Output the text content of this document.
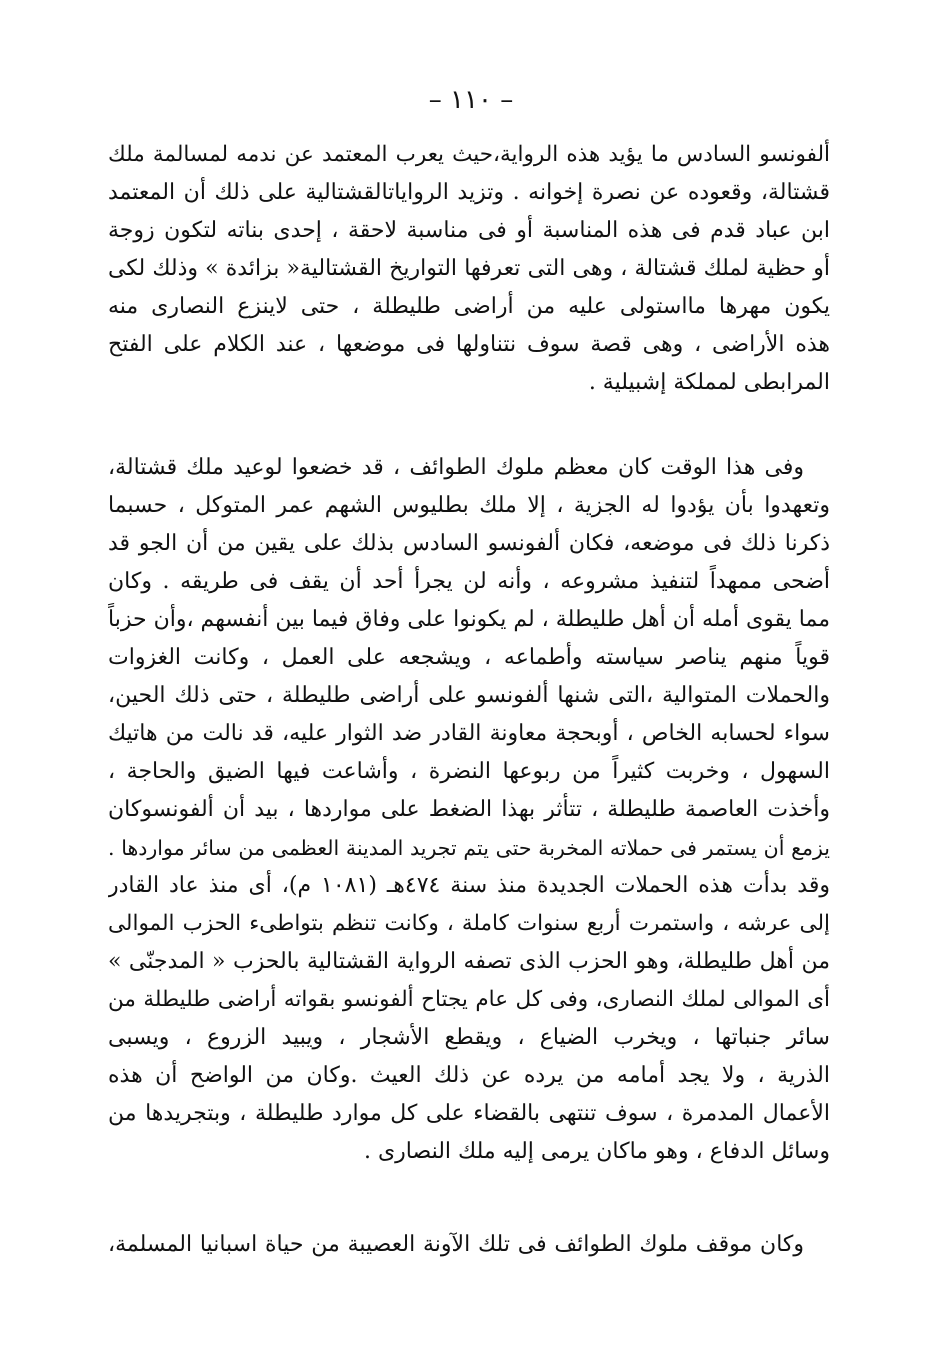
– ١١٠ –
ألفونسو السادس ما يؤيد هذه الرواية،حيث يعرب المعتمد عن ندمه لمسالمة ملك
قشتالة، وقعوده عن نصرة إخوانه . وتزيد الرواياتالقشتالية على ذلك أن المعتمد
ابن عباد قدم فى هذه المناسبة أو فى مناسبة لاحقة ، إحدى بناته لتكون زوجة
أو حظية لملك قشتالة ، وهى التى تعرفها التواريخ القشتالية« بزائدة » وذلك لكى
يكون مهرها مااستولى عليه من أراضى طليطلة ، حتى لاينزع النصارى منه
هذه الأراضى ، وهى قصة سوف نتناولها فى موضعها ، عند الكلام على الفتح
المرابطى لمملكة إشبيلية .
وفى هذا الوقت كان معظم ملوك الطوائف ، قد خضعوا لوعيد ملك قشتالة،
وتعهدوا بأن يؤدوا له الجزية ، إلا ملك بطليوس الشهم عمر المتوكل ، حسبما
ذكرنا ذلك فى موضعه، فكان ألفونسو السادس بذلك على يقين من أن الجو قد
أضحى ممهداً لتنفيذ مشروعه ، وأنه لن يجرأ أحد أن يقف فى طريقه . وكان
مما يقوى أمله أن أهل طليطلة ، لم يكونوا على وفاق فيما بين أنفسهم ،وأن حزباً
قوياً منهم يناصر سياسته وأطماعه ، ويشجعه على العمل ، وكانت الغزوات
والحملات المتوالية ،التى شنها ألفونسو على أراضى طليطلة ، حتى ذلك الحين،
سواء لحسابه الخاص ، أوبحجة معاونة القادر ضد الثوار عليه، قد نالت من هاتيك
السهول ، وخربت كثيراً من ربوعها النضرة ، وأشاعت فيها الضيق والحاجة ،
وأخذت العاصمة طليطلة ، تتأثر بهذا الضغط على مواردها ، بيد أن ألفونسوكان
يزمع أن يستمر فى حملاته المخربة حتى يتم تجريد المدينة العظمى من سائر مواردها .
وقد بدأت هذه الحملات الجديدة منذ سنة ٤٧٤هـ (١٠٨١ م)، أى منذ عاد القادر
إلى عرشه ، واستمرت أربع سنوات كاملة ، وكانت تنظم بتواطىء الحزب الموالى
من أهل طليطلة، وهو الحزب الذى تصفه الرواية القشتالية بالحزب « المدجنّى »
أى الموالى لملك النصارى، وفى كل عام يجتاح ألفونسو بقواته أراضى طليطلة من
سائر جنباتها ، ويخرب الضياع ، ويقطع الأشجار ، ويبيد الزروع ، ويسبى
الذرية ، ولا يجد أمامه من يرده عن ذلك العيث .وكان من الواضح أن هذه
الأعمال المدمرة ، سوف تنتهى بالقضاء على كل موارد طليطلة ، وبتجريدها من
وسائل الدفاع ، وهو ماكان يرمى إليه ملك النصارى .
وكان موقف ملوك الطوائف فى تلك الآونة العصيبة من حياة اسبانيا المسلمة،
